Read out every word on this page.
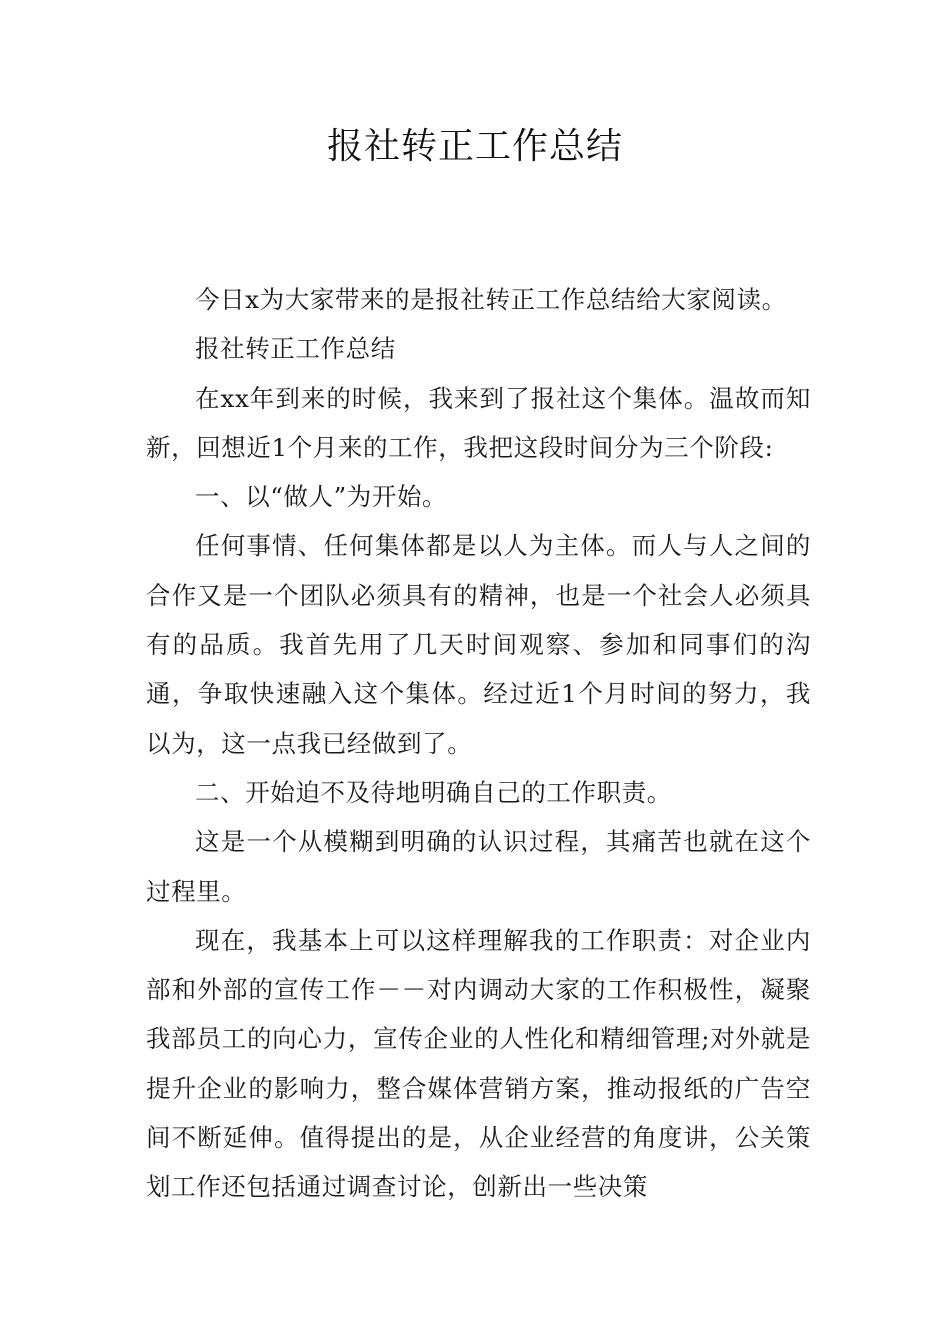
报社转正工作总结

今日x为大家带来的是报社转正工作总结给大家阅读。

报社转正工作总结

在xx年到来的时候，我来到了报社这个集体。温故而知新，回想近1个月来的工作，我把这段时间分为三个阶段:

一、以“做人”为开始。

任何事情、任何集体都是以人为主体。而人与人之间的合作又是一个团队必须具有的精神，也是一个社会人必须具有的品质。我首先用了几天时间观察、参加和同事们的沟通，争取快速融入这个集体。经过近1个月时间的努力，我以为，这一点我已经做到了。

二、开始迫不及待地明确自己的工作职责。

这是一个从模糊到明确的认识过程，其痛苦也就在这个过程里。

现在，我基本上可以这样理解我的工作职责：对企业内部和外部的宣传工作－－对内调动大家的工作积极性，凝聚我部员工的向心力，宣传企业的人性化和精细管理;对外就是提升企业的影响力，整合媒体营销方案，推动报纸的广告空间不断延伸。值得提出的是，从企业经营的角度讲，公关策划工作还包括通过调查讨论，创新出一些决策
